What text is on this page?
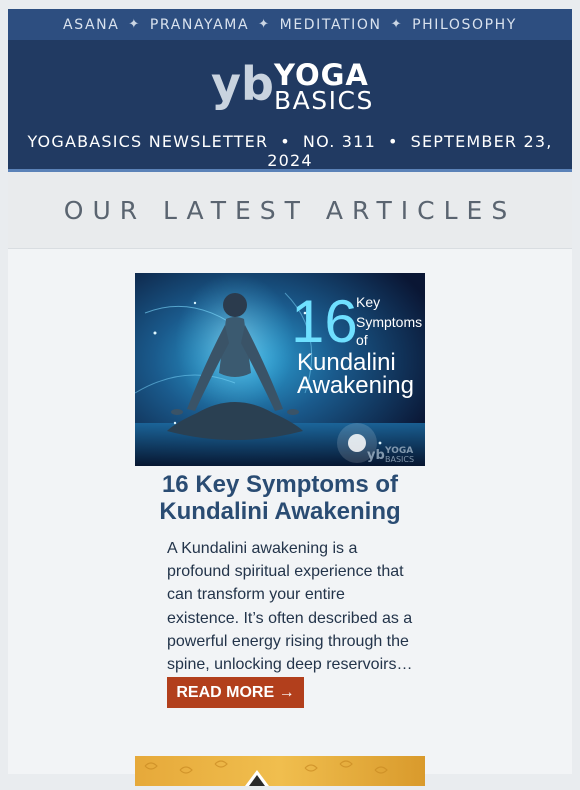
ASANA ✦ PRANAYAMA ✦ MEDITATION ✦ PHILOSOPHY
yb YOGA
BASICS
YOGABASICS NEWSLETTER • NO. 311 • SEPTEMBER 23, 2024
OUR LATEST ARTICLES
16
Key
Symptoms
of
Kundalini
Awakening
yb YOGA
BASICS
16 Key Symptoms of Kundalini Awakening

A Kundalini awakening is a profound spiritual experience that can transform your entire existence. It’s often described as a powerful energy rising through the spine, unlocking deep reservoirs…

READ MORE →
